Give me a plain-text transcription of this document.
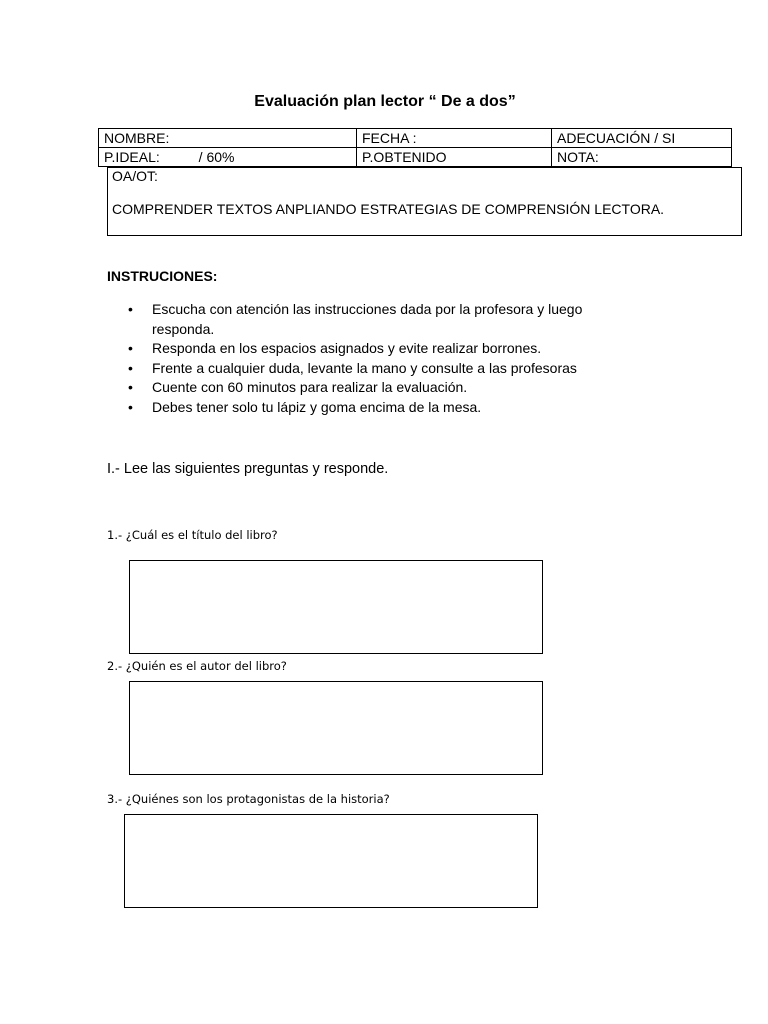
Evaluación plan lector “ De a dos”
NOMBRE:	FECHA :	ADECUACIÓN / SI
P.IDEAL:          / 60%	P.OBTENIDO	NOTA:
OA/OT:
COMPRENDER TEXTOS ANPLIANDO ESTRATEGIAS DE COMPRENSIÓN LECTORA.
INSTRUCIONES:
• Escucha con atención las instrucciones dada por la profesora y luego responda.
• Responda en los espacios asignados y evite realizar borrones.
• Frente a cualquier duda, levante la mano y consulte a las profesoras
• Cuente con 60 minutos para realizar la evaluación.
• Debes tener solo tu lápiz y goma encima de la mesa.
I.- Lee las siguientes preguntas y responde.
1.- ¿Cuál es el título del libro?
2.- ¿Quién es el autor del libro?
3.- ¿Quiénes son los protagonistas de la historia?
